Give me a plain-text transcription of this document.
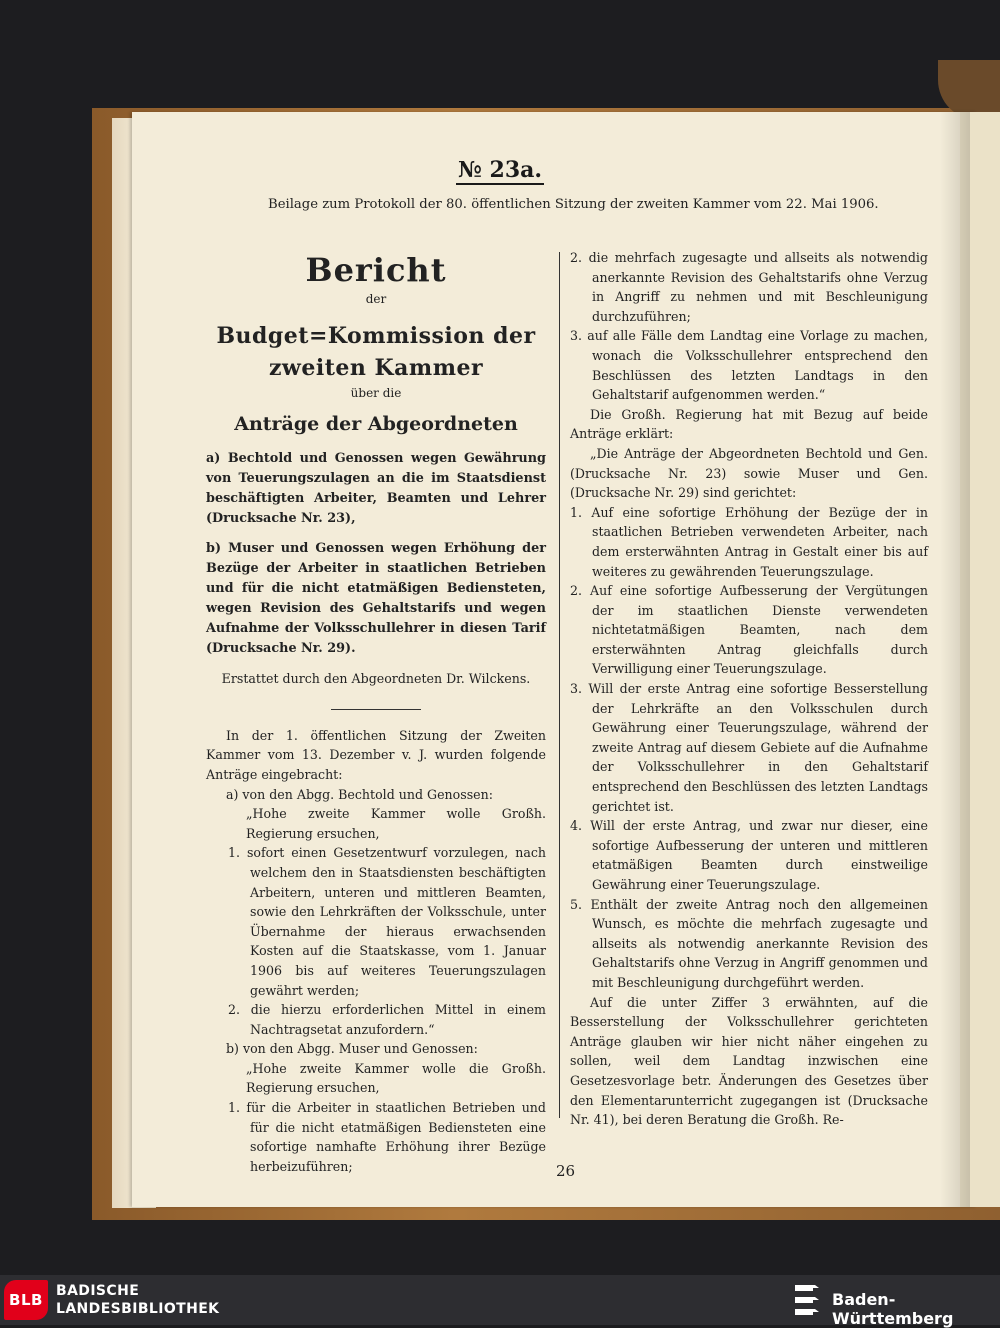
№ 23a.
Beilage zum Protokoll der 80. öffentlichen Sitzung der zweiten Kammer vom 22. Mai 1906.
Bericht
der
Budget=Kommission der zweiten Kammer
über die
Anträge der Abgeordneten
a) Bechtold und Genossen wegen Gewährung von Teuerungszulagen an die im Staatsdienst beschäftigten Arbeiter, Beamten und Lehrer (Drucksache Nr. 23),
b) Muser und Genossen wegen Erhöhung der Bezüge der Arbeiter in staatlichen Betrieben und für die nicht etatmäßigen Bediensteten, wegen Revision des Gehaltstarifs und wegen Aufnahme der Volksschullehrer in diesen Tarif (Drucksache Nr. 29).
Erstattet durch den Abgeordneten Dr. Wilckens.
In der 1. öffentlichen Sitzung der Zweiten Kammer vom 13. Dezember v. J. wurden folgende Anträge eingebracht:
a) von den Abgg. Bechtold und Genossen:
„Hohe zweite Kammer wolle Großh. Regierung ersuchen,
1. sofort einen Gesetzentwurf vorzulegen, nach welchem den in Staatsdiensten beschäftigten Arbeitern, unteren und mittleren Beamten, sowie den Lehrkräften der Volksschule, unter Übernahme der hieraus erwachsenden Kosten auf die Staatskasse, vom 1. Januar 1906 bis auf weiteres Teuerungszulagen gewährt werden;
2. die hierzu erforderlichen Mittel in einem Nachtragsetat anzufordern.“
b) von den Abgg. Muser und Genossen:
„Hohe zweite Kammer wolle die Großh. Regierung ersuchen,
1. für die Arbeiter in staatlichen Betrieben und für die nicht etatmäßigen Bediensteten eine sofortige namhafte Erhöhung ihrer Bezüge herbeizuführen;
2. die mehrfach zugesagte und allseits als notwendig anerkannte Revision des Gehaltstarifs ohne Verzug in Angriff zu nehmen und mit Beschleunigung durchzuführen;
3. auf alle Fälle dem Landtag eine Vorlage zu machen, wonach die Volksschullehrer entsprechend den Beschlüssen des letzten Landtags in den Gehaltstarif aufgenommen werden.“
Die Großh. Regierung hat mit Bezug auf beide Anträge erklärt:
„Die Anträge der Abgeordneten Bechtold und Gen. (Drucksache Nr. 23) sowie Muser und Gen. (Drucksache Nr. 29) sind gerichtet:
1. Auf eine sofortige Erhöhung der Bezüge der in staatlichen Betrieben verwendeten Arbeiter, nach dem ersterwähnten Antrag in Gestalt einer bis auf weiteres zu gewährenden Teuerungszulage.
2. Auf eine sofortige Aufbesserung der Vergütungen der im staatlichen Dienste verwendeten nichtetatmäßigen Beamten, nach dem ersterwähnten Antrag gleichfalls durch Verwilligung einer Teuerungszulage.
3. Will der erste Antrag eine sofortige Besserstellung der Lehrkräfte an den Volksschulen durch Gewährung einer Teuerungszulage, während der zweite Antrag auf diesem Gebiete auf die Aufnahme der Volksschullehrer in den Gehaltstarif entsprechend den Beschlüssen des letzten Landtags gerichtet ist.
4. Will der erste Antrag, und zwar nur dieser, eine sofortige Aufbesserung der unteren und mittleren etatmäßigen Beamten durch einstweilige Gewährung einer Teuerungszulage.
5. Enthält der zweite Antrag noch den allgemeinen Wunsch, es möchte die mehrfach zugesagte und allseits als notwendig anerkannte Revision des Gehaltstarifs ohne Verzug in Angriff genommen und mit Beschleunigung durchgeführt werden.
Auf die unter Ziffer 3 erwähnten, auf die Besserstellung der Volksschullehrer gerichteten Anträge glauben wir hier nicht näher eingehen zu sollen, weil dem Landtag inzwischen eine Gesetzesvorlage betr. Änderungen des Gesetzes über den Elementarunterricht zugegangen ist (Drucksache Nr. 41), bei deren Beratung die Großh. Re-
26
BLB BADISCHE
LANDESBIBLIOTHEK	Baden-Württemberg
